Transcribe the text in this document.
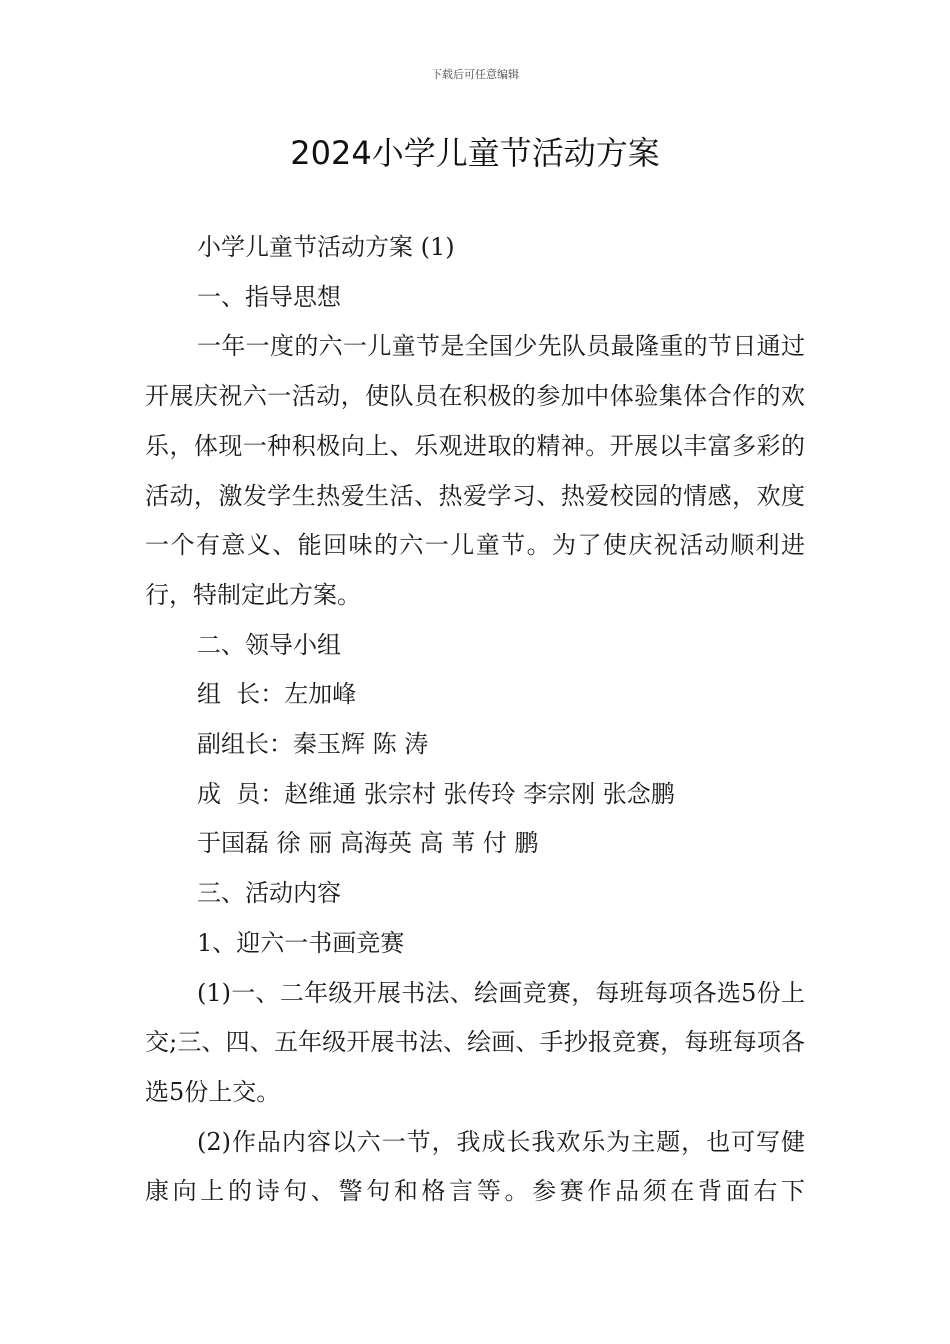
下载后可任意编辑
2024小学儿童节活动方案

小学儿童节活动方案 (1)

一、指导思想

一年一度的六一儿童节是全国少先队员最隆重的节日通过开展庆祝六一活动，使队员在积极的参加中体验集体合作的欢乐，体现一种积极向上、乐观进取的精神。开展以丰富多彩的活动，激发学生热爱生活、热爱学习、热爱校园的情感，欢度一个有意义、能回味的六一儿童节。为了使庆祝活动顺利进行，特制定此方案。

二、领导小组

组  长：左加峰

副组长：秦玉辉 陈 涛

成  员：赵维通 张宗村 张传玲 李宗刚 张念鹏

于国磊 徐 丽 高海英 高 苇 付 鹏

三、活动内容

1、迎六一书画竞赛

(1)一、二年级开展书法、绘画竞赛，每班每项各选5份上交;三、四、五年级开展书法、绘画、手抄报竞赛，每班每项各选5份上交。

(2)作品内容以六一节，我成长我欢乐为主题，也可写健康向上的诗句、警句和格言等。参赛作品须在背面右下
